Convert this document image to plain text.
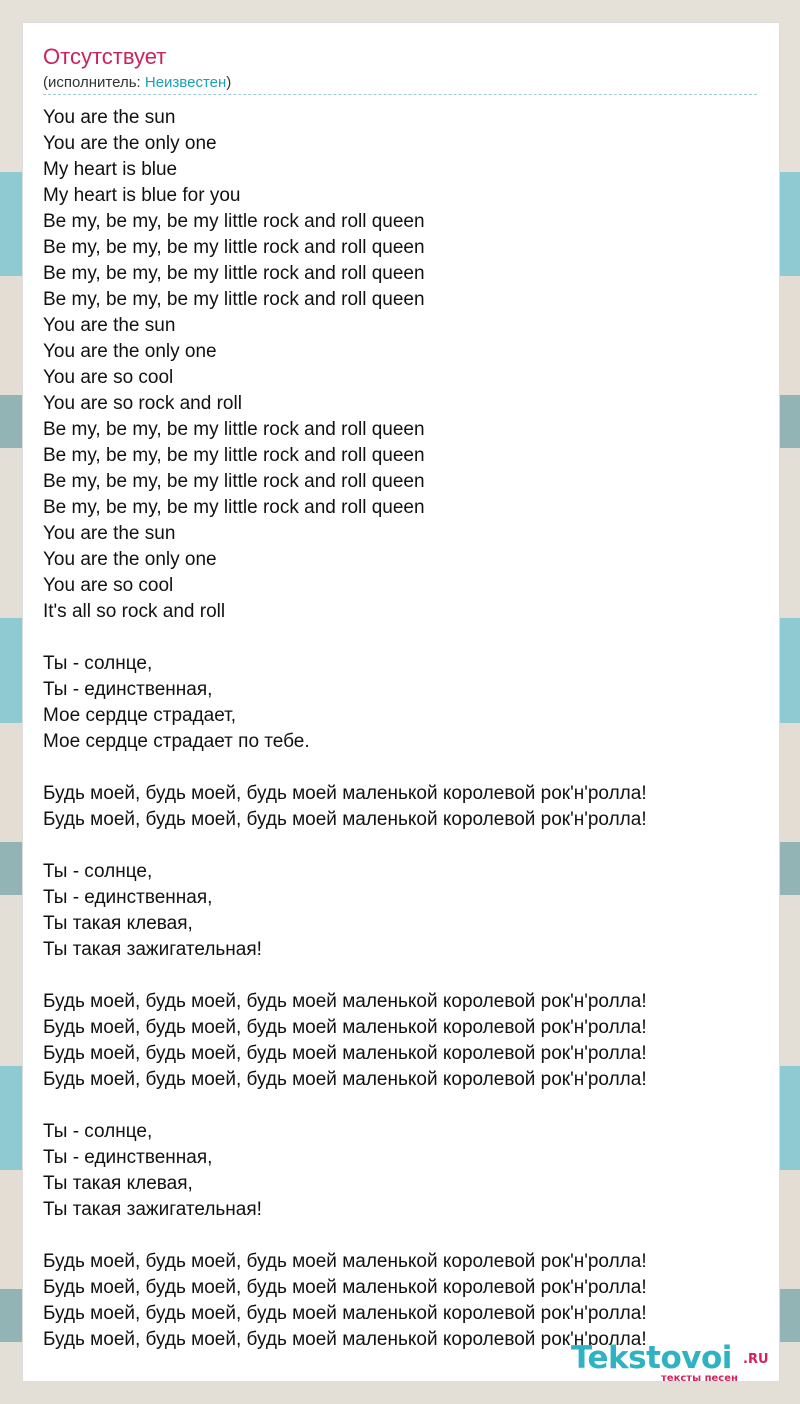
Отсутствует
(исполнитель: Неизвестен)
You are the sun
You are the only one
My heart is blue
My heart is blue for you
Be my, be my, be my little rock and roll queen
Be my, be my, be my little rock and roll queen
Be my, be my, be my little rock and roll queen
Be my, be my, be my little rock and roll queen
You are the sun
You are the only one
You are so cool
You are so rock and roll
Be my, be my, be my little rock and roll queen
Be my, be my, be my little rock and roll queen
Be my, be my, be my little rock and roll queen
Be my, be my, be my little rock and roll queen
You are the sun
You are the only one
You are so cool
It's all so rock and roll
Ты - солнце,
Ты - единственная,
Мое сердце страдает,
Мое сердце страдает по тебе.
Будь моей, будь моей, будь моей маленькой королевой рок'н'ролла!
Будь моей, будь моей, будь моей маленькой королевой рок'н'ролла!
Ты - солнце,
Ты - единственная,
Ты такая клевая,
Ты такая зажигательная!
Будь моей, будь моей, будь моей маленькой королевой рок'н'ролла!
Будь моей, будь моей, будь моей маленькой королевой рок'н'ролла!
Будь моей, будь моей, будь моей маленькой королевой рок'н'ролла!
Будь моей, будь моей, будь моей маленькой королевой рок'н'ролла!
Ты - солнце,
Ты - единственная,
Ты такая клевая,
Ты такая зажигательная!
Будь моей, будь моей, будь моей маленькой королевой рок'н'ролла!
Будь моей, будь моей, будь моей маленькой королевой рок'н'ролла!
Будь моей, будь моей, будь моей маленькой королевой рок'н'ролла!
Будь моей, будь моей, будь моей маленькой королевой рок'н'ролла!
Tekstovoi .RU
тексты песен
